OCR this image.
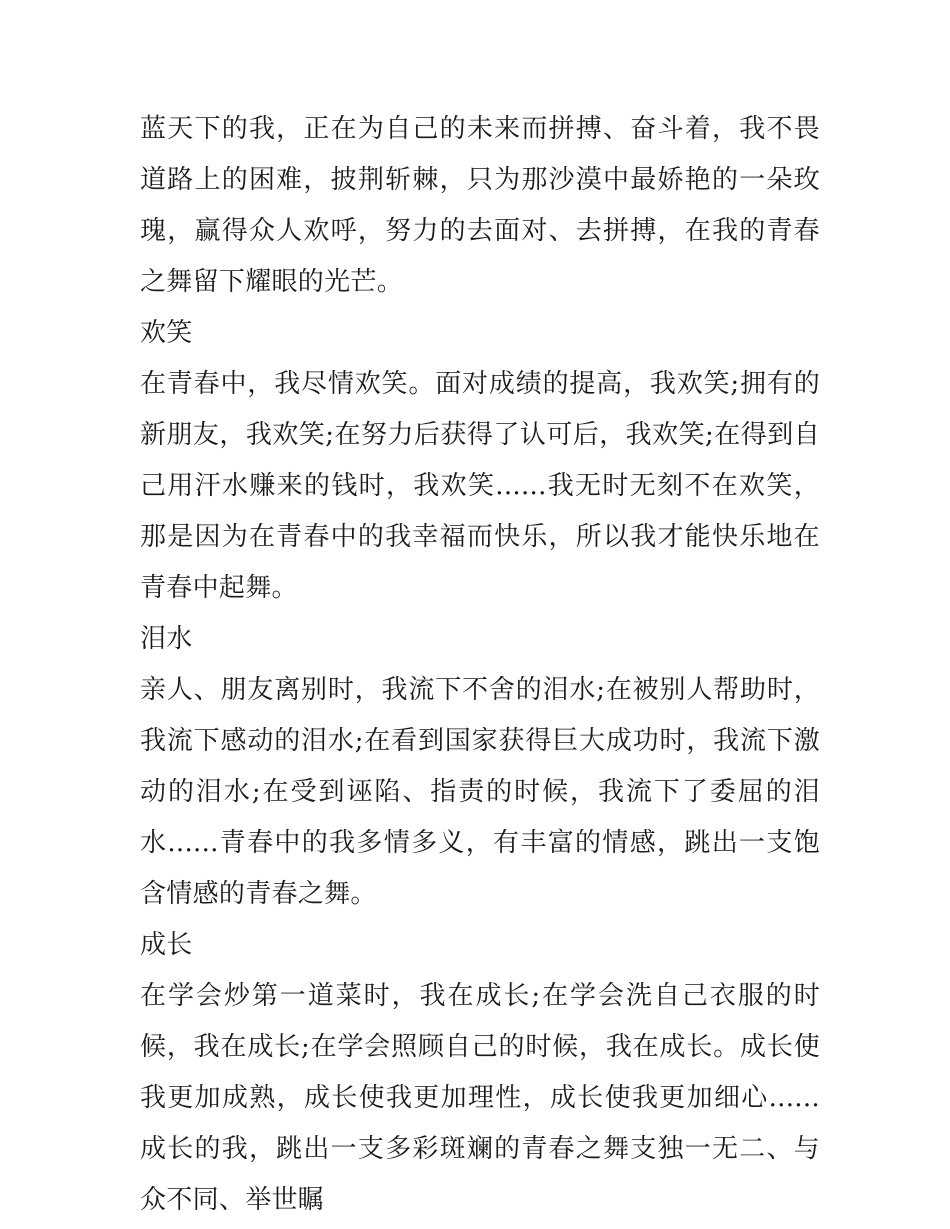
蓝天下的我，正在为自己的未来而拼搏、奋斗着，我不畏道路上的困难，披荆斩棘，只为那沙漠中最娇艳的一朵玫瑰，赢得众人欢呼，努力的去面对、去拼搏，在我的青春之舞留下耀眼的光芒。

欢笑

在青春中，我尽情欢笑。面对成绩的提高，我欢笑;拥有的新朋友，我欢笑;在努力后获得了认可后，我欢笑;在得到自己用汗水赚来的钱时，我欢笑......我无时无刻不在欢笑，那是因为在青春中的我幸福而快乐，所以我才能快乐地在青春中起舞。

泪水

亲人、朋友离别时，我流下不舍的泪水;在被别人帮助时，我流下感动的泪水;在看到国家获得巨大成功时，我流下激动的泪水;在受到诬陷、指责的时候，我流下了委屈的泪水......青春中的我多情多义，有丰富的情感，跳出一支饱含情感的青春之舞。

成长

在学会炒第一道菜时，我在成长;在学会洗自己衣服的时候，我在成长;在学会照顾自己的时候，我在成长。成长使我更加成熟，成长使我更加理性，成长使我更加细心......成长的我，跳出一支多彩斑斓的青春之舞支独一无二、与众不同、举世瞩
